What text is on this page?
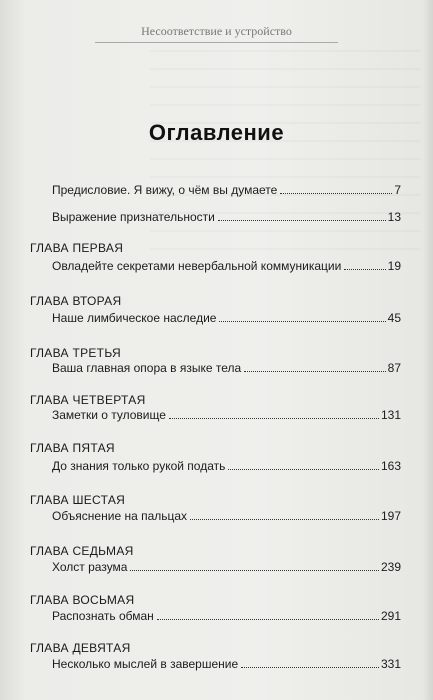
Несоответствие и устройство
Оглавление
Предисловие. Я вижу, о чём вы думаете	7
Выражение признательности	13
ГЛАВА ПЕРВАЯ
Овладейте секретами невербальной коммуникации	19
ГЛАВА ВТОРАЯ
Наше лимбическое наследие	45
ГЛАВА ТРЕТЬЯ
Ваша главная опора в языке тела	87
ГЛАВА ЧЕТВЕРТАЯ
Заметки о туловище	131
ГЛАВА ПЯТАЯ
До знания только рукой подать	163
ГЛАВА ШЕСТАЯ
Объяснение на пальцах	197
ГЛАВА СЕДЬМАЯ
Холст разума	239
ГЛАВА ВОСЬМАЯ
Распознать обман	291
ГЛАВА ДЕВЯТАЯ
Несколько мыслей в завершение	331
